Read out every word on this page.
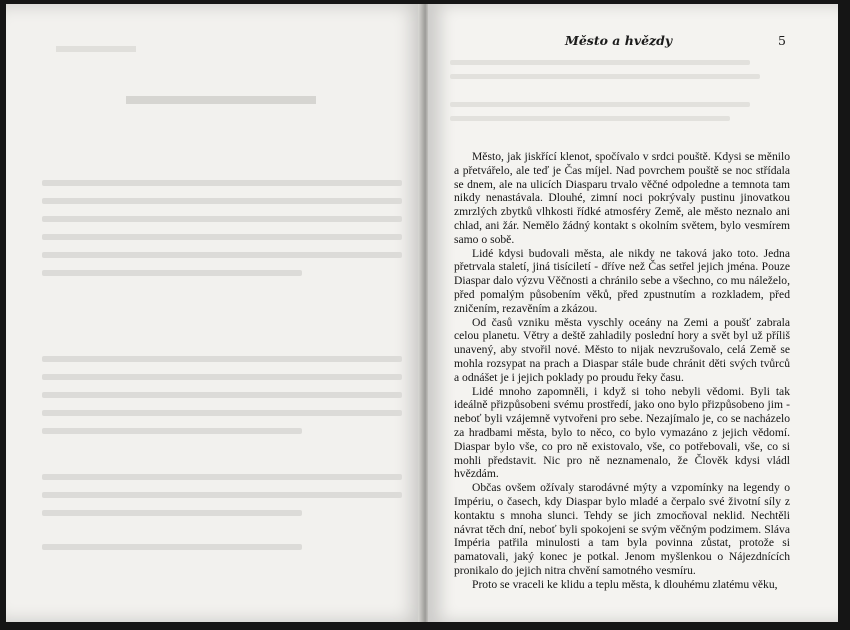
Město a hvězdy	5

Město, jak jiskřící klenot, spočívalo v srdci pouště. Kdysi se měnilo a přetvářelo, ale teď je Čas míjel. Nad povrchem pouště se noc střídala se dnem, ale na ulicích Diasparu trvalo věčné odpoledne a temnota tam nikdy nenastávala. Dlouhé, zimní noci pokrývaly pustinu jinovatkou zmrzlých zbytků vlhkosti řídké atmosféry Země, ale město neznalo ani chlad, ani žár. Nemělo žádný kontakt s okolním světem, bylo vesmírem samo o sobě.

Lidé kdysi budovali města, ale nikdy ne taková jako toto. Jedna přetrvala staletí, jiná tisíciletí - dříve než Čas setřel jejich jména. Pouze Diaspar dalo výzvu Věčnosti a chránilo sebe a všechno, co mu náleželo, před pomalým působením věků, před zpustnutím a rozkladem, před zničením, rezavěním a zkázou.

Od časů vzniku města vyschly oceány na Zemi a poušť zabrala celou planetu. Větry a deště zahladily poslední hory a svět byl už příliš unavený, aby stvořil nové. Město to nijak nevzrušovalo, celá Země se mohla rozsypat na prach a Diaspar stále bude chránit děti svých tvůrců a odnášet je i jejich poklady po proudu řeky času.

Lidé mnoho zapomněli, i když si toho nebyli vědomi. Byli tak ideálně přizpůsobeni svému prostředí, jako ono bylo přizpůsobeno jim - neboť byli vzájemně vytvořeni pro sebe. Nezajímalo je, co se nacházelo za hradbami města, bylo to něco, co bylo vymazáno z jejich vědomí. Diaspar bylo vše, co pro ně existovalo, vše, co potřebovali, vše, co si mohli představit. Nic pro ně neznamenalo, že Člověk kdysi vládl hvězdám.

Občas ovšem ožívaly starodávné mýty a vzpomínky na legendy o Impériu, o časech, kdy Diaspar bylo mladé a čerpalo své životní síly z kontaktu s mnoha slunci. Tehdy se jich zmocňoval neklid. Nechtěli návrat těch dní, neboť byli spokojeni se svým věčným podzimem. Sláva Impéria patřila minulosti a tam byla povinna zůstat, protože si pamatovali, jaký konec je potkal. Jenom myšlenkou o Nájezdnících pronikalo do jejich nitra chvění samotného vesmíru.

Proto se vraceli ke klidu a teplu města, k dlouhému zlatému věku,
